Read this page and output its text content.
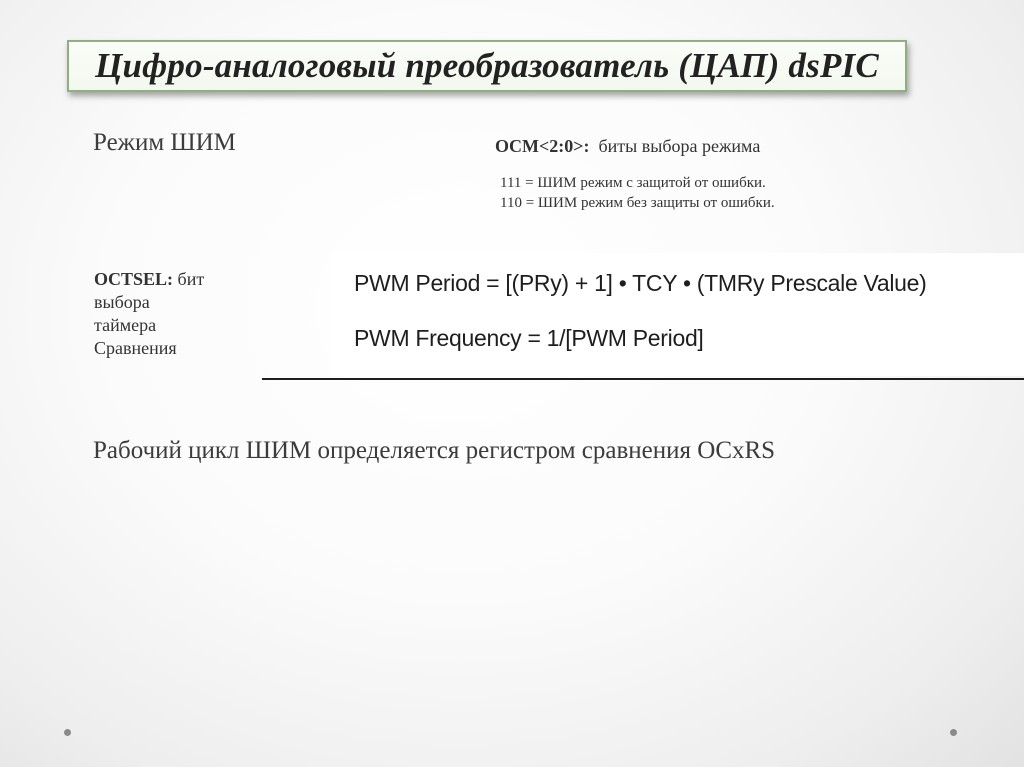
Цифро-аналоговый преобразователь (ЦАП) dsPIC
Режим ШИМ	OCM<2:0>: биты выбора режима
111 = ШИМ режим с защитой от ошибки.
110 = ШИМ режим без защиты от ошибки.
OCTSEL: бит
выбора
таймера
Сравнения
PWM Period = [(PRy) + 1] • TCY • (TMRy Prescale Value)
PWM Frequency = 1/[PWM Period]
Рабочий цикл ШИМ определяется регистром сравнения OCxRS
